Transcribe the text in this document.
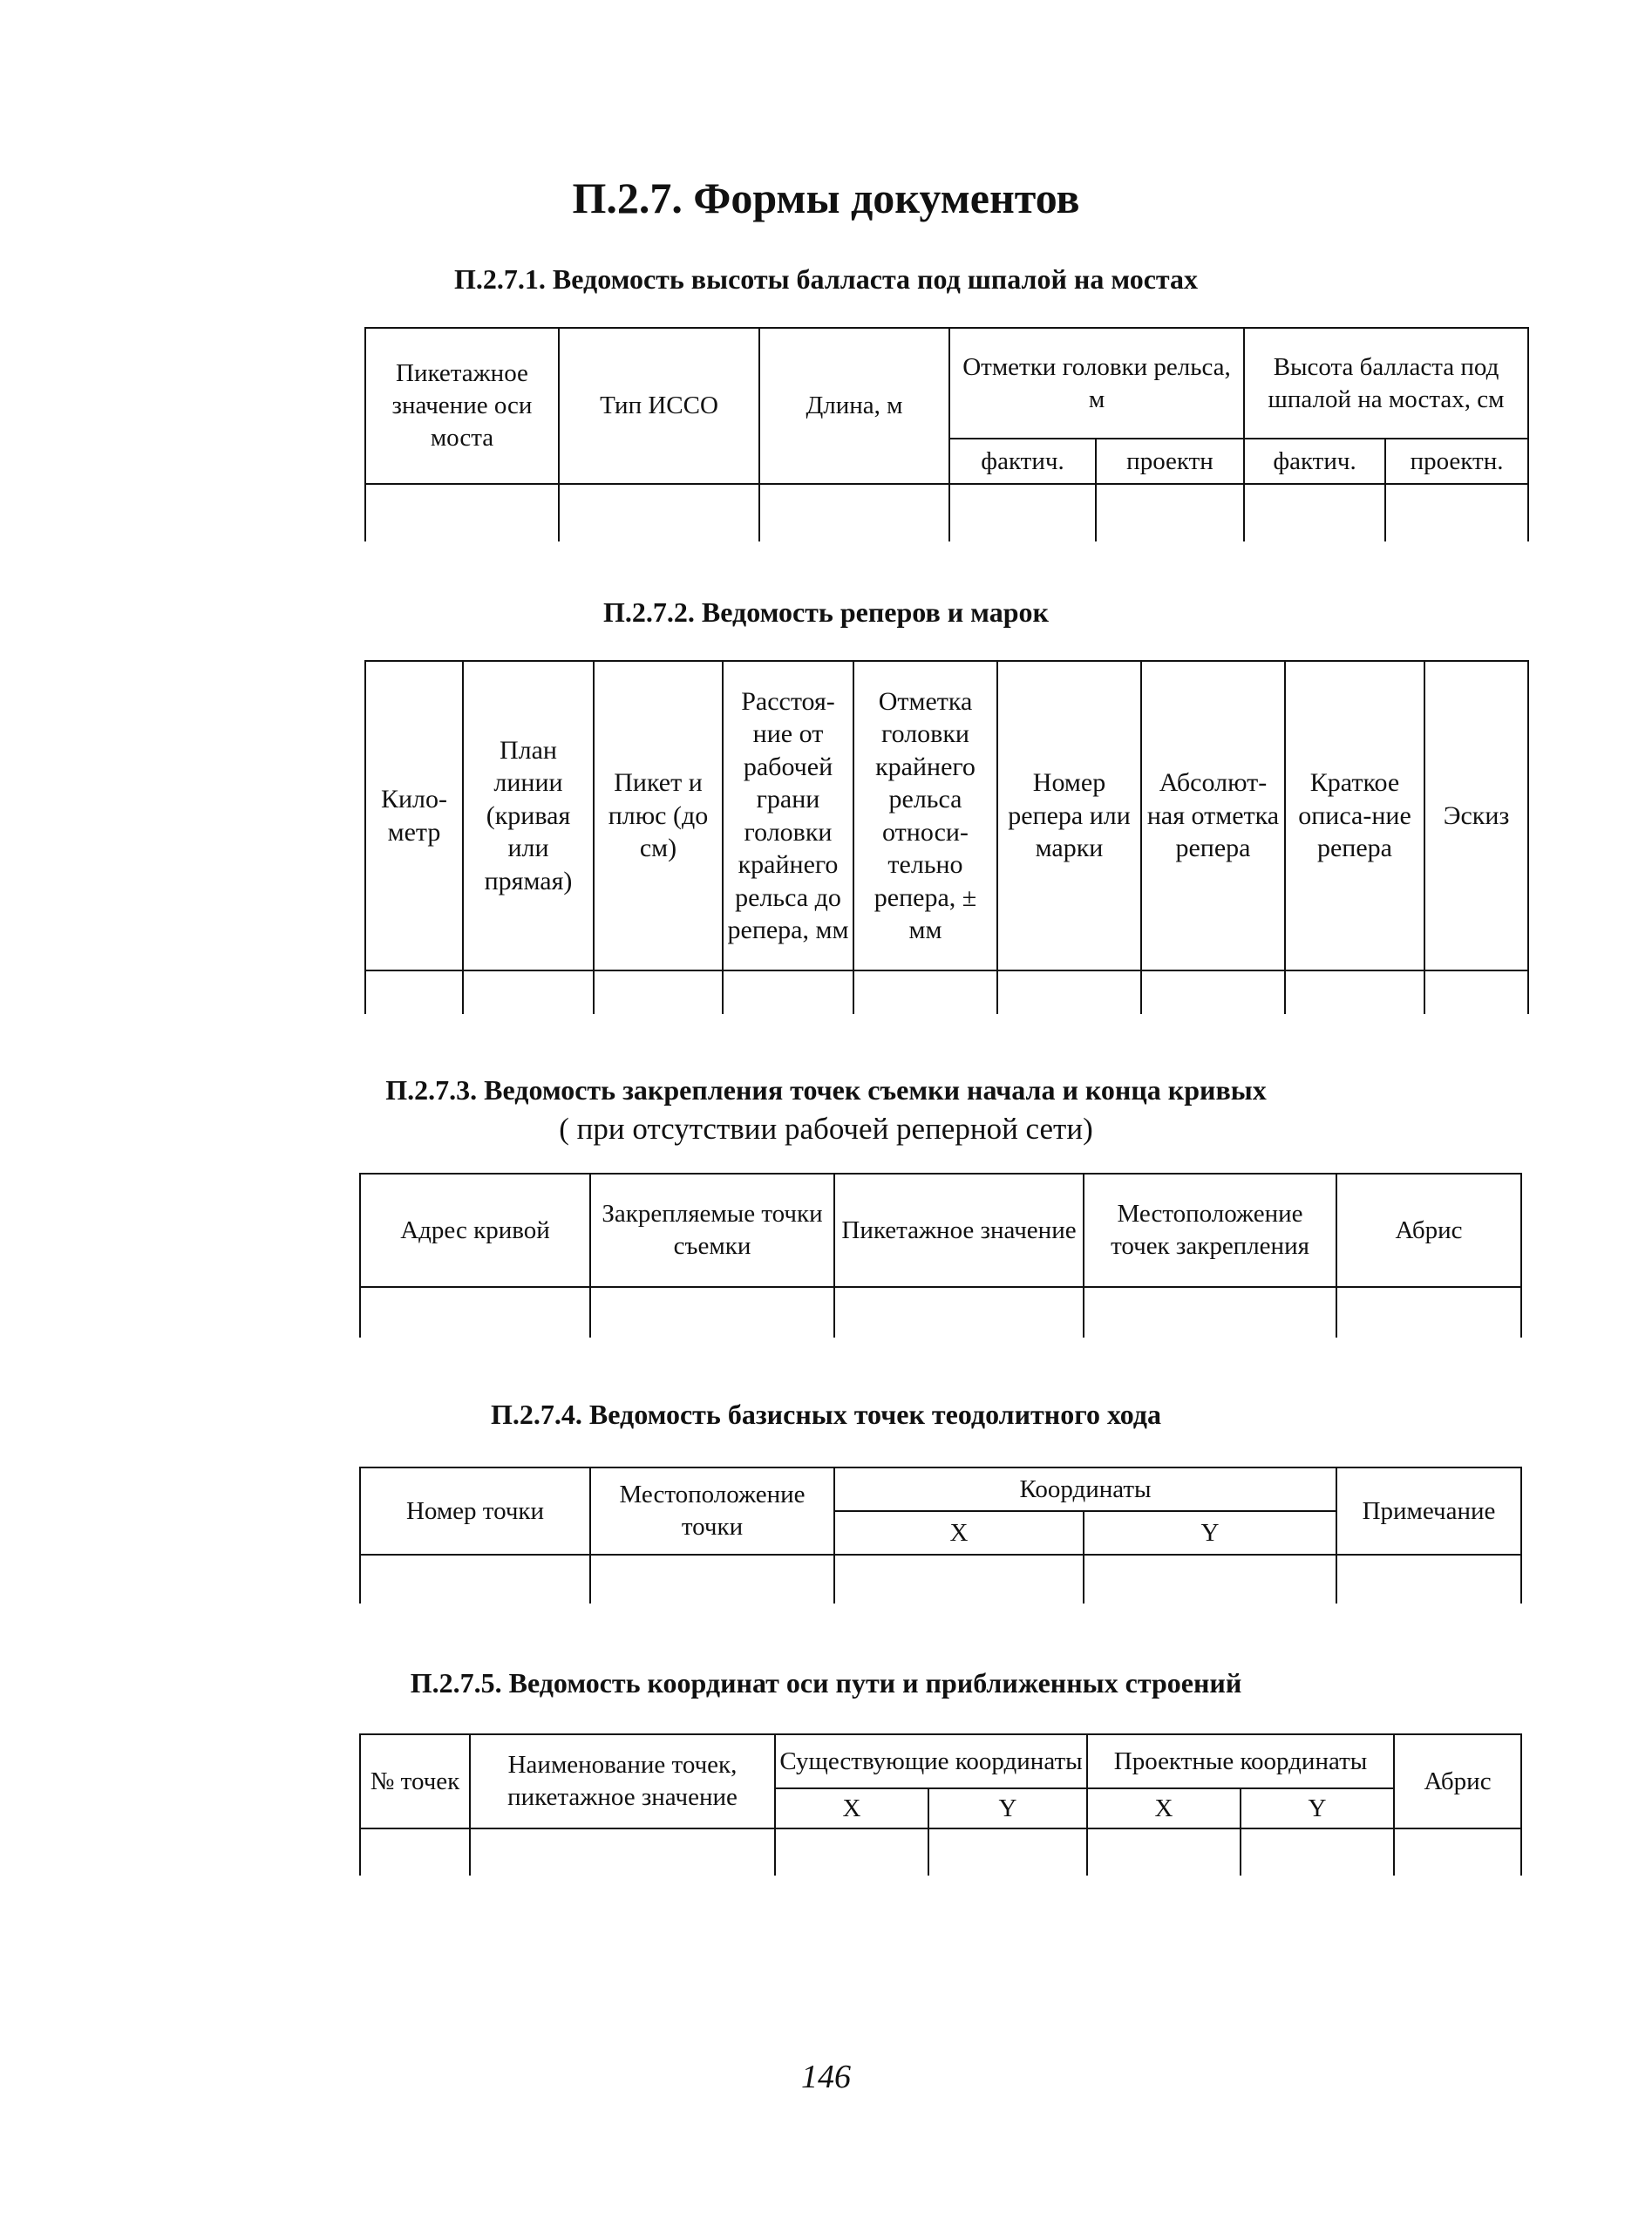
П.2.7. Формы документов
П.2.7.1. Ведомость высоты балласта под шпалой на мостах
Пикетажное значение оси моста	Тип ИССО	Длина, м	Отметки головки рельса, м		Высота балласта под шпалой на мостах, см	
			фактич.	проектн	фактич.	проектн.

П.2.7.2. Ведомость реперов и марок
Кило-метр	План линии (кривая или прямая)	Пикет и плюс (до см)	Расстоя-ние от рабочей грани головки крайнего рельса до репера, мм	Отметка головки крайнего рельса относи-тельно репера, ± мм	Номер репера или марки	Абсолют-ная отметка репера	Краткое описа-ние репера	Эскиз

П.2.7.3. Ведомость закрепления точек съемки начала и конца кривых
( при отсутствии рабочей реперной сети)
Адрес кривой	Закрепляемые точки съемки	Пикетажное значение	Местоположение точек закрепления	Абрис

П.2.7.4. Ведомость базисных точек теодолитного хода
Номер точки	Местоположение точки	Координаты		Примечание
		X	Y	

П.2.7.5. Ведомость координат оси пути и приближенных строений
№ точек	Наименование точек, пикетажное значение	Существующие координаты		Проектные координаты		Абрис
		X	Y	X	Y	

146
